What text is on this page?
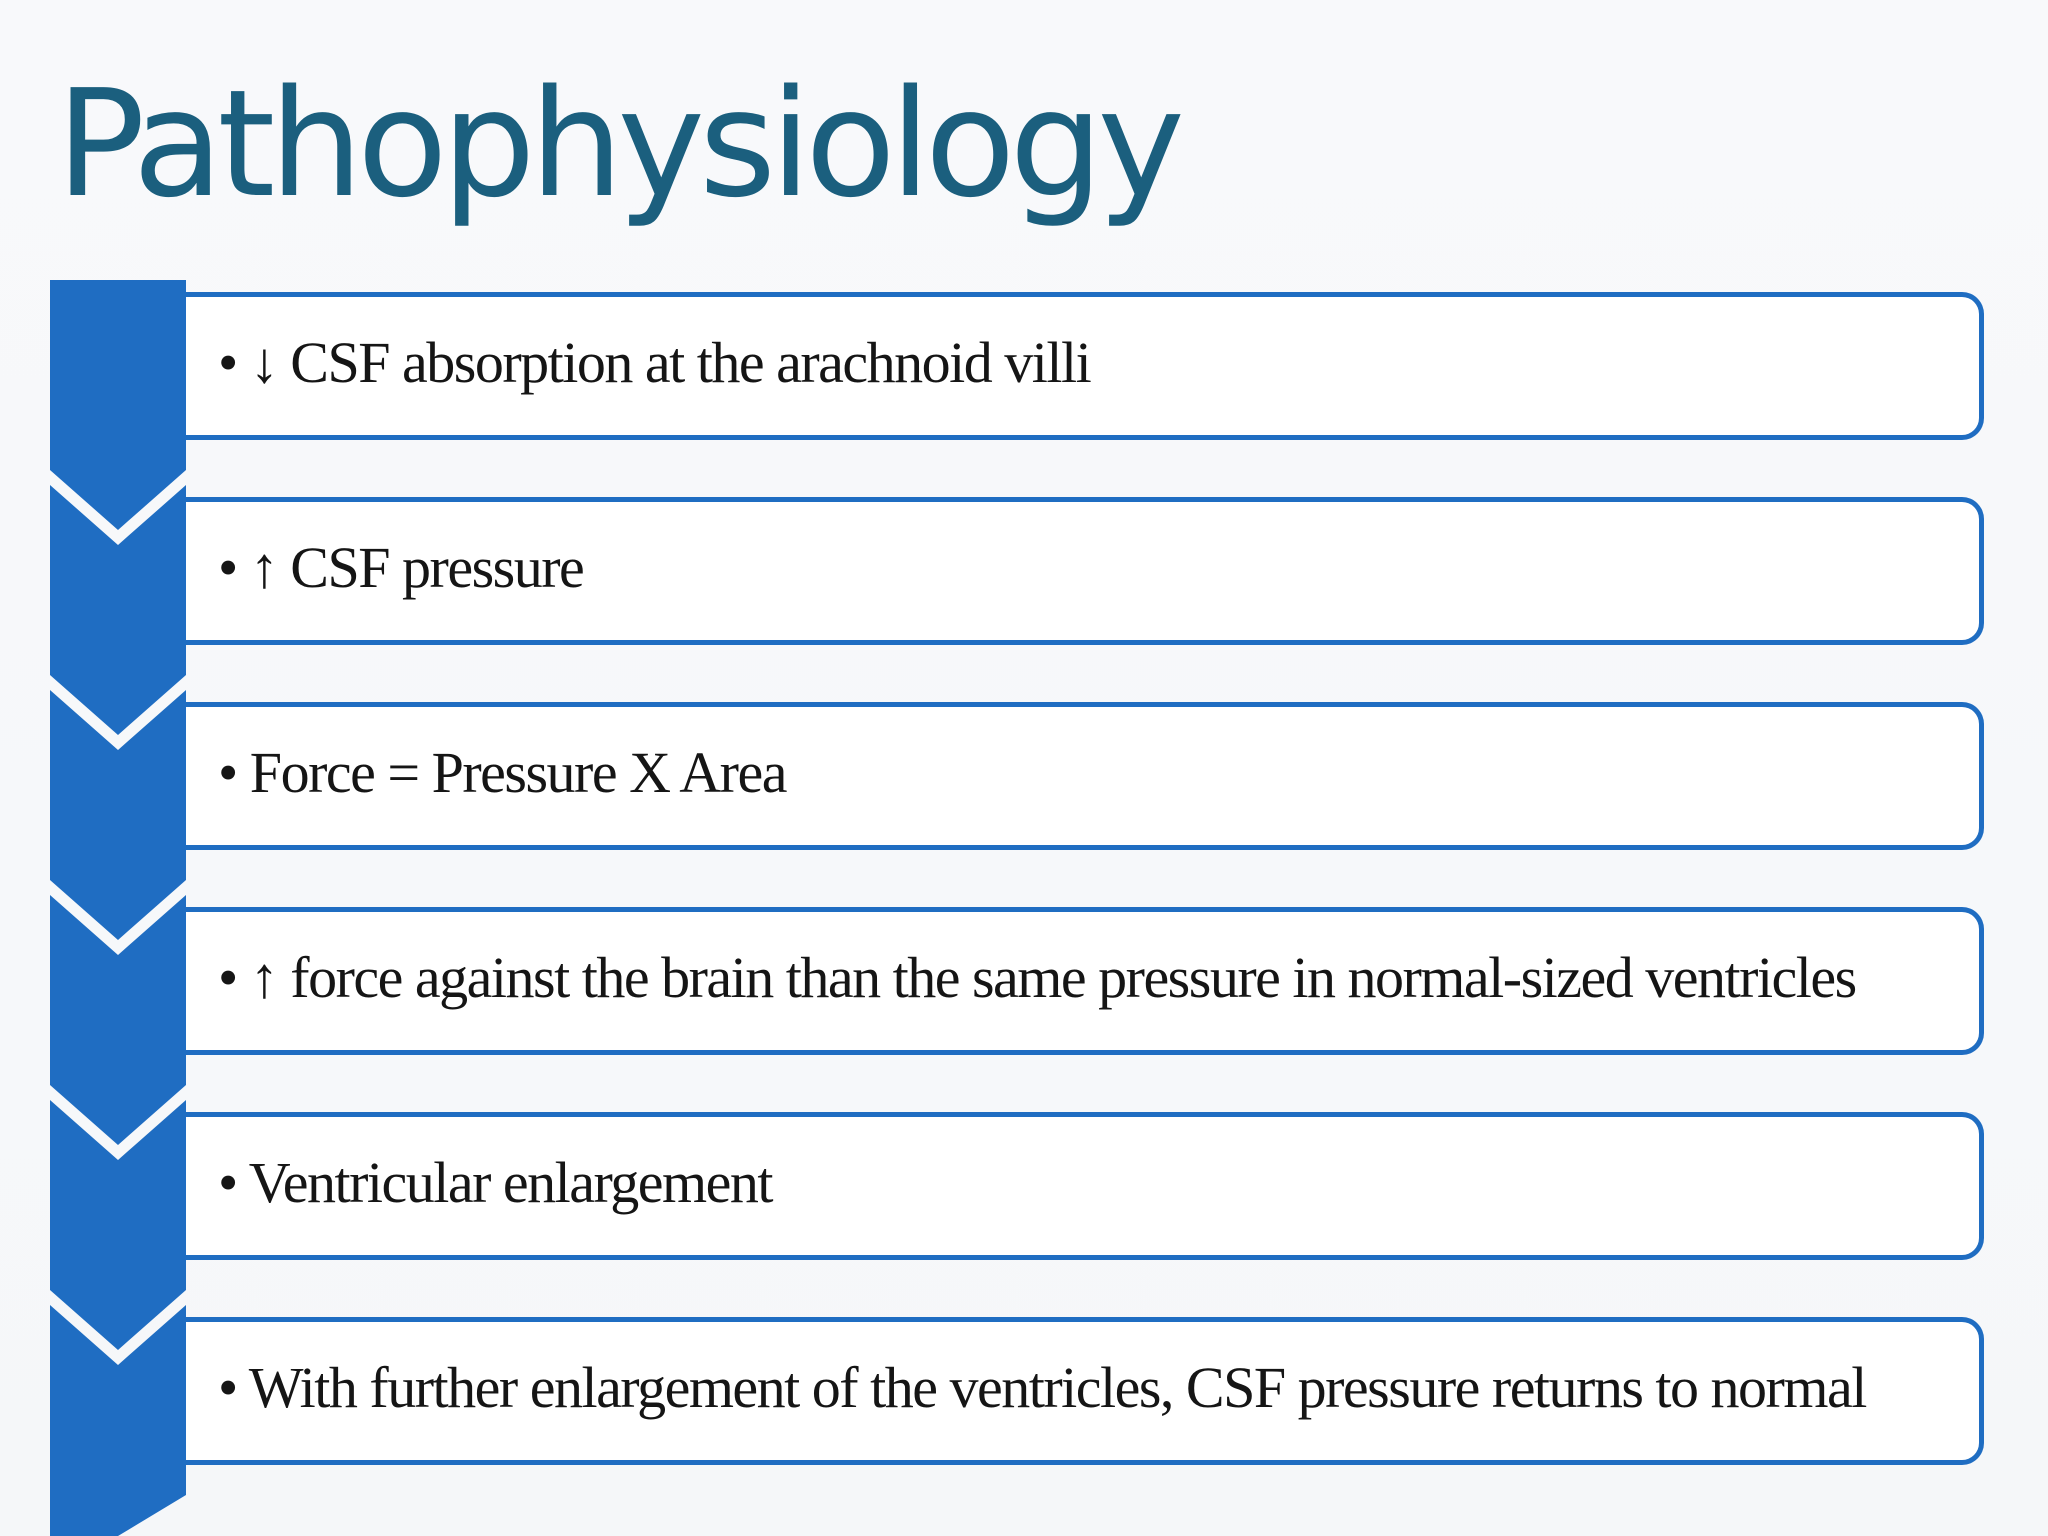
Pathophysiology

• ↓ CSF absorption at the arachnoid villi

• ↑ CSF pressure

• Force = Pressure X Area

• ↑ force against the brain than the same pressure in normal-sized ventricles

• Ventricular enlargement

• With further enlargement of the ventricles, CSF pressure returns to normal
